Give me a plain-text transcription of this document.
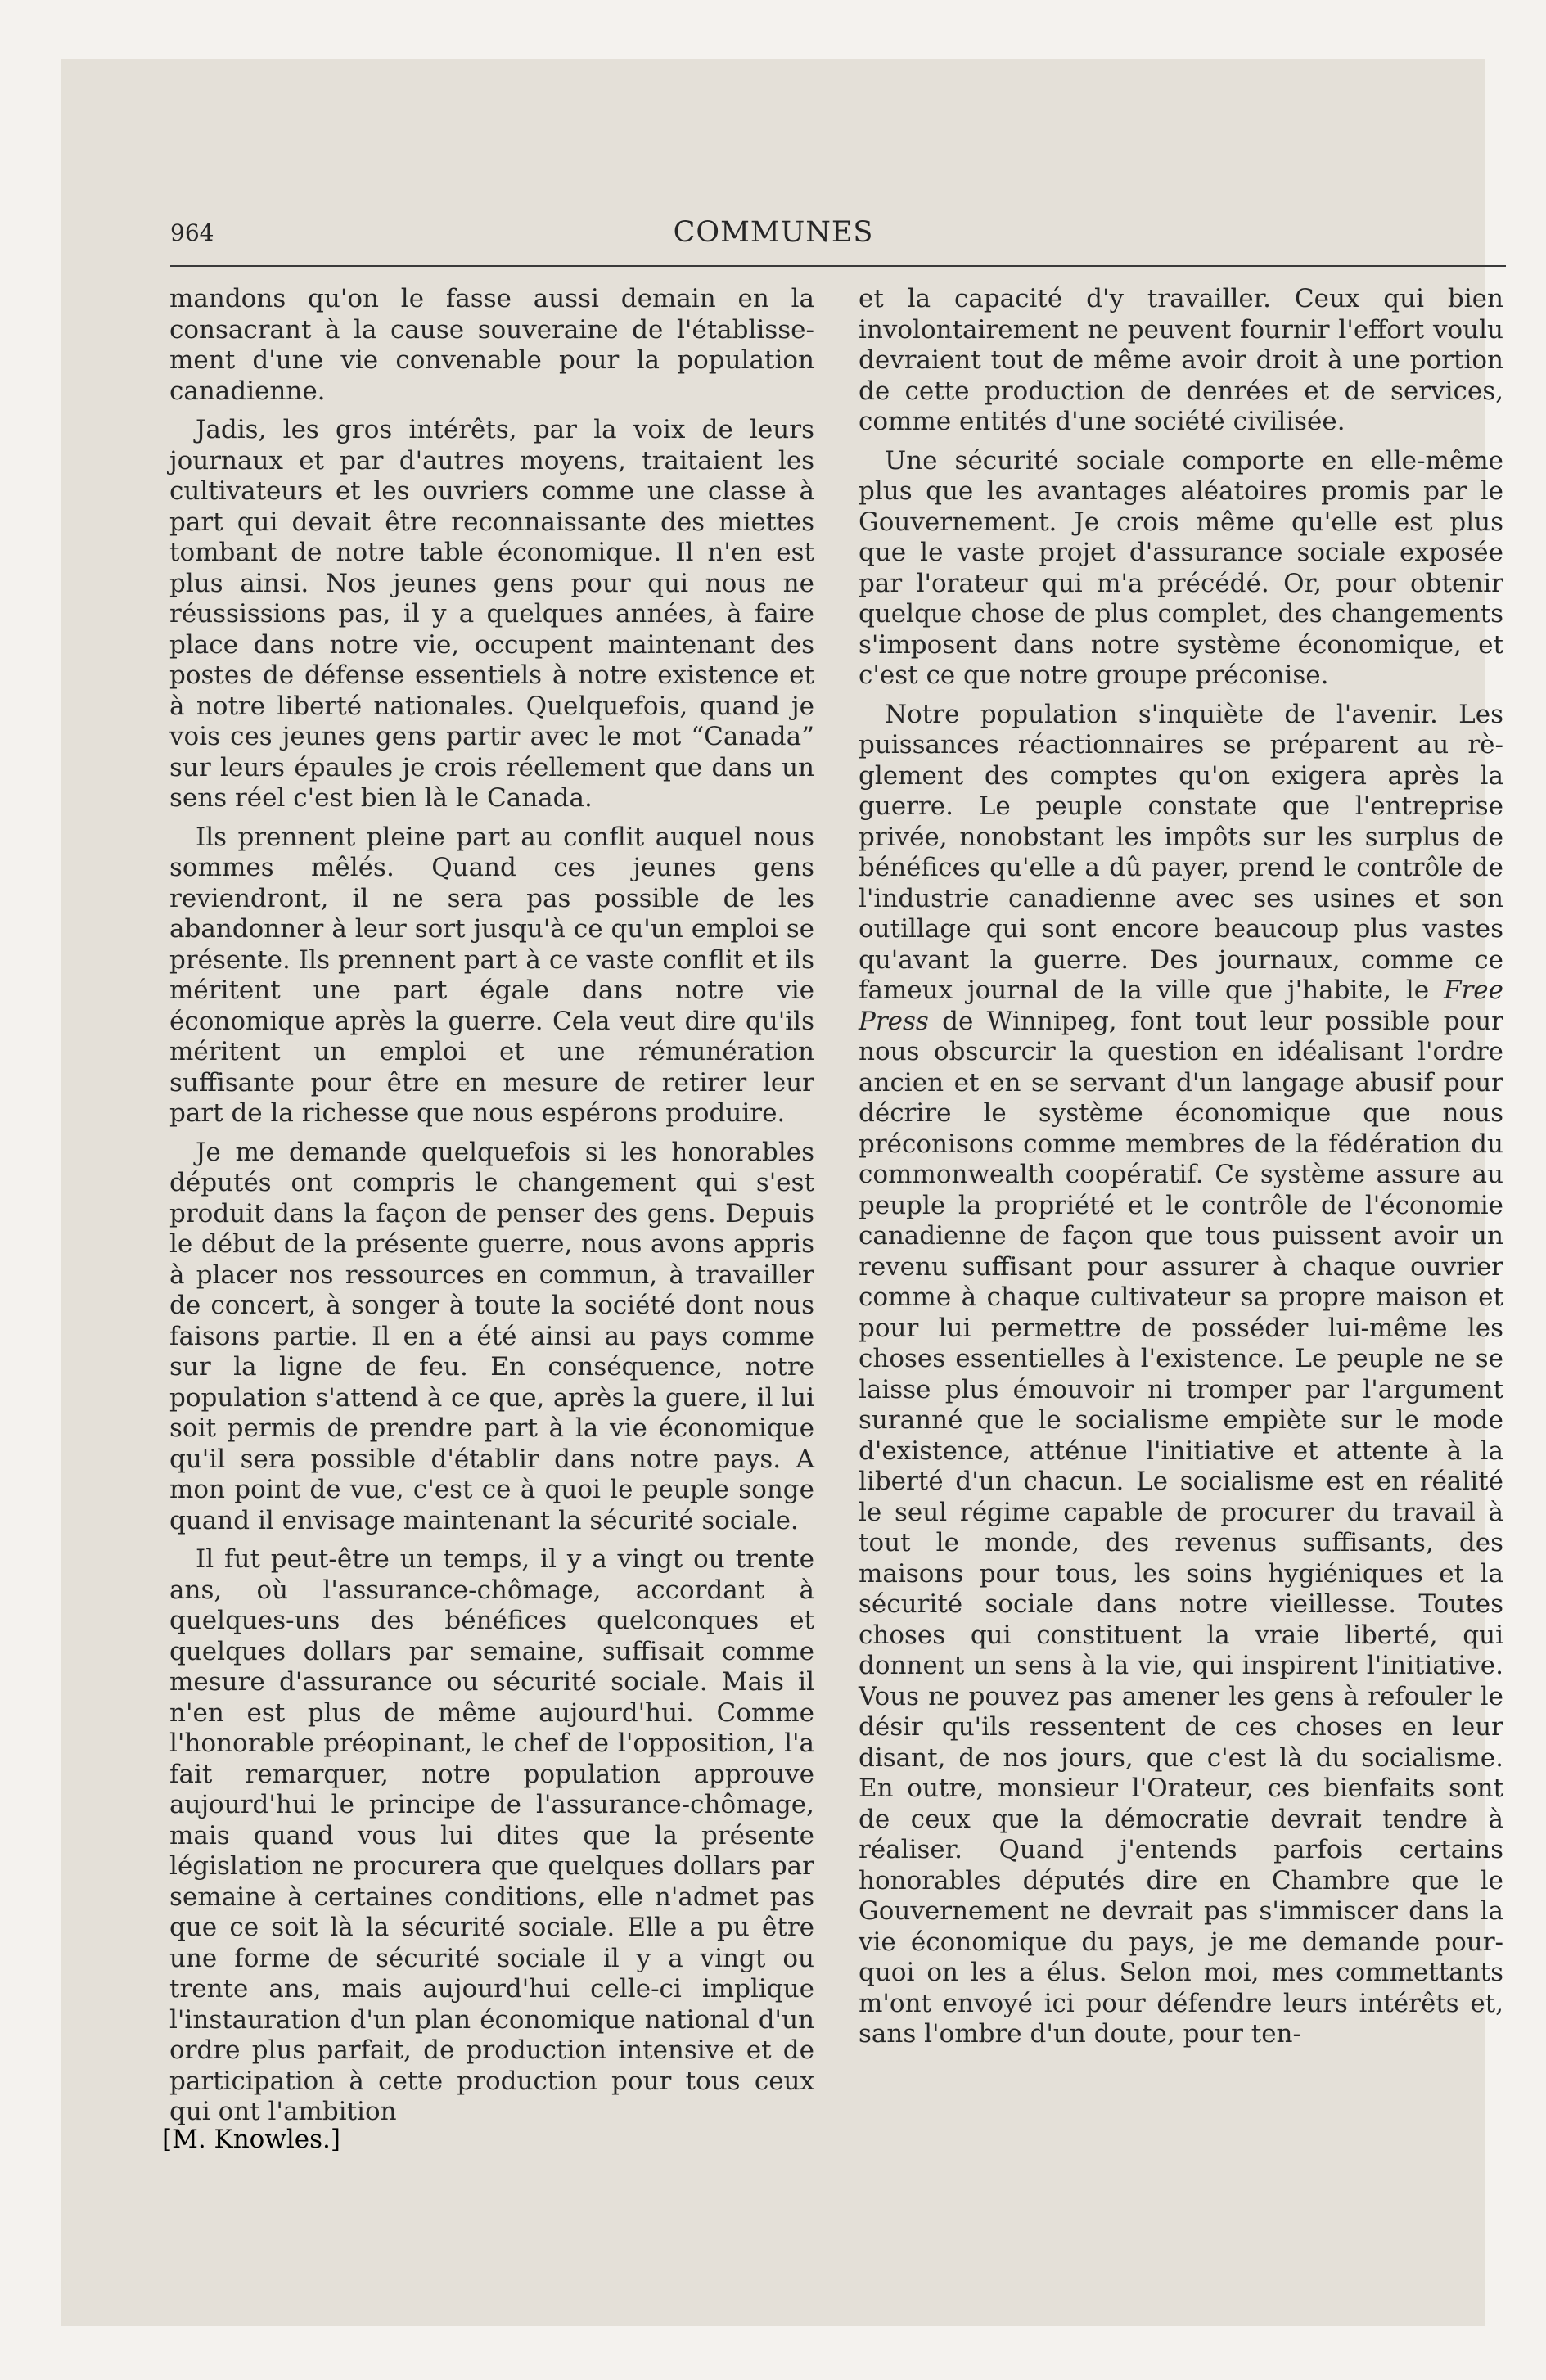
964	COMMUNES

mandons qu'on le fasse aussi demain en la consacrant à la cause souveraine de l'établissement d'une vie convenable pour la population canadienne.

Jadis, les gros intérêts, par la voix de leurs journaux et par d'autres moyens, traitaient les cultivateurs et les ouvriers comme une classe à part qui devait être reconnaissante des miettes tombant de notre table économique. Il n'en est plus ainsi. Nos jeunes gens pour qui nous ne réussissions pas, il y a quelques années, à faire place dans notre vie, occupent maintenant des postes de défense essentiels à notre existence et à notre liberté nationales. Quelquefois, quand je vois ces jeunes gens partir avec le mot “Canada” sur leurs épaules je crois réellement que dans un sens réel c'est bien là le Canada.

Ils prennent pleine part au conflit auquel nous sommes mêlés. Quand ces jeunes gens reviendront, il ne sera pas possible de les abandonner à leur sort jusqu'à ce qu'un emploi se présente. Ils prennent part à ce vaste conflit et ils méritent une part égale dans notre vie économique après la guerre. Cela veut dire qu'ils méritent un emploi et une rémunération suffisante pour être en mesure de retirer leur part de la richesse que nous espérons produire.

Je me demande quelquefois si les honorables députés ont compris le changement qui s'est produit dans la façon de penser des gens. Depuis le début de la présente guerre, nous avons appris à placer nos ressources en commun, à travailler de concert, à songer à toute la société dont nous faisons partie. Il en a été ainsi au pays comme sur la ligne de feu. En conséquence, notre population s'attend à ce que, après la guere, il lui soit permis de prendre part à la vie économique qu'il sera possible d'établir dans notre pays. A mon point de vue, c'est ce à quoi le peuple songe quand il envisage maintenant la sécurité sociale.

Il fut peut-être un temps, il y a vingt ou trente ans, où l'assurance-chômage, accordant à quelques-uns des bénéfices quelconques et quelques dollars par semaine, suffisait comme mesure d'assurance ou sécurité sociale. Mais il n'en est plus de même aujourd'hui. Comme l'honorable préopinant, le chef de l'opposition, l'a fait remarquer, notre population approuve aujourd'hui le principe de l'assurance-chômage, mais quand vous lui dites que la présente législation ne procurera que quelques dollars par semaine à certaines conditions, elle n'admet pas que ce soit là la sécurité sociale. Elle a pu être une forme de sécurité sociale il y a vingt ou trente ans, mais aujourd'hui celle-ci implique l'instauration d'un plan économique national d'un ordre plus parfait, de production intensive et de participation à cette production pour tous ceux qui ont l'ambition

et la capacité d'y travailler. Ceux qui bien involontairement ne peuvent fournir l'effort voulu devraient tout de même avoir droit à une portion de cette production de denrées et de services, comme entités d'une société civilisée.

Une sécurité sociale comporte en elle-même plus que les avantages aléatoires promis par le Gouvernement. Je crois même qu'elle est plus que le vaste projet d'assurance sociale exposée par l'orateur qui m'a précédé. Or, pour obtenir quelque chose de plus complet, des changements s'imposent dans notre système économique, et c'est ce que notre groupe préconise.

Notre population s'inquiète de l'avenir. Les puissances réactionnaires se préparent au règlement des comptes qu'on exigera après la guerre. Le peuple constate que l'entreprise privée, nonobstant les impôts sur les surplus de bénéfices qu'elle a dû payer, prend le contrôle de l'industrie canadienne avec ses usines et son outillage qui sont encore beaucoup plus vastes qu'avant la guerre. Des journaux, comme ce fameux journal de la ville que j'habite, le Free Press de Winnipeg, font tout leur possible pour nous obscurcir la question en idéalisant l'ordre ancien et en se servant d'un langage abusif pour décrire le système économique que nous préconisons comme membres de la fédération du commonwealth coopératif. Ce système assure au peuple la propriété et le contrôle de l'économie canadienne de façon que tous puissent avoir un revenu suffisant pour assurer à chaque ouvrier comme à chaque cultivateur sa propre maison et pour lui permettre de posséder lui-même les choses essentielles à l'existence. Le peuple ne se laisse plus émouvoir ni tromper par l'argument suranné que le socialisme empiète sur le mode d'existence, atténue l'initiative et attente à la liberté d'un chacun. Le socialisme est en réalité le seul régime capable de procurer du travail à tout le monde, des revenus suffisants, des maisons pour tous, les soins hygiéniques et la sécurité sociale dans notre vieillesse. Toutes choses qui constituent la vraie liberté, qui donnent un sens à la vie, qui inspirent l'initiative. Vous ne pouvez pas amener les gens à refouler le désir qu'ils ressentent de ces choses en leur disant, de nos jours, que c'est là du socialisme. En outre, monsieur l'Orateur, ces bienfaits sont de ceux que la démocratie devrait tendre à réaliser. Quand j'entends parfois certains honorables députés dire en Chambre que le Gouvernement ne devrait pas s'immiscer dans la vie économique du pays, je me demande pourquoi on les a élus. Selon moi, mes commettants m'ont envoyé ici pour défendre leurs intérêts et, sans l'ombre d'un doute, pour ten-

[M. Knowles.]
